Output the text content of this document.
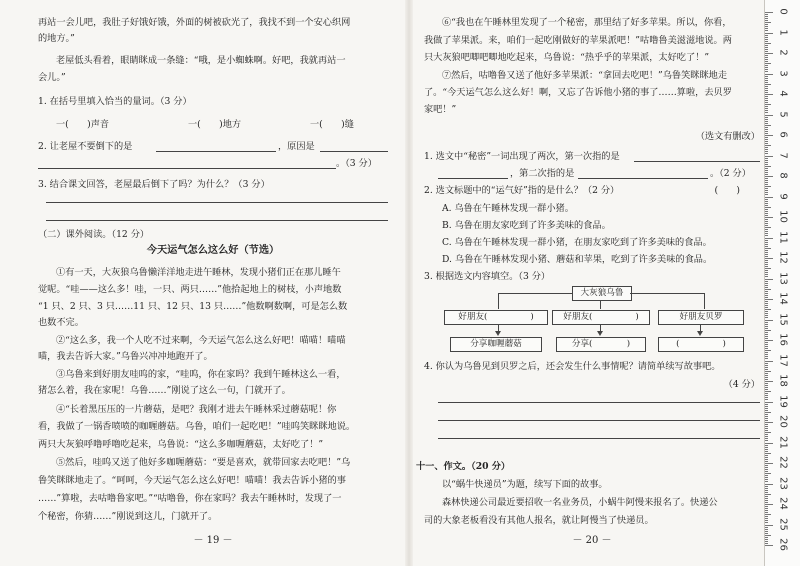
再站一会儿吧，我肚子好饿好饿，外面的树被砍光了，我找不到一个安心织网
的地方。”
老屋低头看着，眼睛眯成一条缝：“哦，是小蜘蛛啊。好吧，我就再站一
会儿。”
1. 在括号里填入恰当的量词。（3 分）
一(　　)声音	一(　　)地方	一(　　)缝
2. 让老屋不要倒下的是	，原因是
。（3 分）
3. 结合课文回答，老屋最后倒下了吗？为什么？（3 分）
（二）课外阅读。（12 分）
今天运气怎么这么好（节选）
①有一天，大灰狼乌鲁懒洋洋地走进午睡林，发现小猪们正在那儿睡午
觉呢。“哇——这么多！哇，一只、两只……”他拾起地上的树枝，小声地数
“1 只、2 只、3 只……11 只、12 只、13 只……”他数啊数啊，可是怎么数
也数不完。
②“这么多，我一个人吃不过来啊，今天运气怎么这么好吧！喵喵！喵喵
喵，我去告诉大家。”乌鲁兴冲冲地跑开了。
③乌鲁来到好朋友哇呜的家，“哇呜，你在家吗？我到午睡林这么一看，
猪怎么着，我在家呢！乌鲁……”刚说了这么一句，门就开了。
④“长着黑压压的一片蘑菇，是吧？我刚才进去午睡林采过蘑菇呢！你
看，我做了一锅香喷喷的咖喱蘑菇。乌鲁，咱们一起吃吧！”哇呜笑眯眯地说。
两只大灰狼呼噜呼噜吃起来，乌鲁说：“这么多咖喱蘑菇，太好吃了！”
⑤然后，哇呜又送了他好多咖喱蘑菇：“要是喜欢，就带回家去吃吧！”乌
鲁笑眯眯地走了。“呵呵，今天运气怎么这么好吧！喵喵！我去告诉小猪的事
……”算啦，去咕噜鲁家吧。”“咕噜鲁，你在家吗？我去午睡林时，发现了一
个秘密，你猜……”刚说到这儿，门就开了。
－ 19 －
⑥“我也在午睡林里发现了一个秘密，那里结了好多苹果。所以，你看，
我做了苹果派。来，咱们一起吃刚做好的苹果派吧！”咕噜鲁美滋滋地说。两
只大灰狼吧唧吧唧地吃起来，乌鲁说：“热乎乎的苹果派，太好吃了！”
⑦然后，咕噜鲁又送了他好多苹果派：“拿回去吃吧！”乌鲁笑眯眯地走
了。“今天运气怎么这么好！啊，又忘了告诉他小猪的事了……算啦，去贝罗
家吧！”
（选文有删改）
1. 选文中“秘密”一词出现了两次，第一次指的是
，第二次指的是	。（2 分）
2. 选文标题中的“运气好”指的是什么？（2 分）	(　　)
A. 乌鲁在午睡林发现一群小猪。
B. 乌鲁在朋友家吃到了许多美味的食品。
C. 乌鲁在午睡林发现一群小猪，在朋友家吃到了许多美味的食品。
D. 乌鲁在午睡林发现小猪、蘑菇和苹果，吃到了许多美味的食品。
3. 根据选文内容填空。（3 分）
大灰狼乌鲁
好朋友(　　　　　)	好朋友(　　　　　)	好朋友贝罗
分享咖喱蘑菇	分享(　　　　)	(　　　　　)
4. 你认为乌鲁见到贝罗之后，还会发生什么事情呢？请简单续写故事吧。
（4 分）
十一、作文。（20 分）
以“蜗牛快递员”为题，续写下面的故事。
森林快递公司最近要招收一名业务员，小蜗牛阿慢来报名了。快递公
司的大象老板看没有其他人报名，就让阿慢当了快递员。
－ 20 －
0
1
2
3
4
5
6
7
8
9
10
11
12
13
14
15
16
17
18
19
20
21
22
23
24
25
26
